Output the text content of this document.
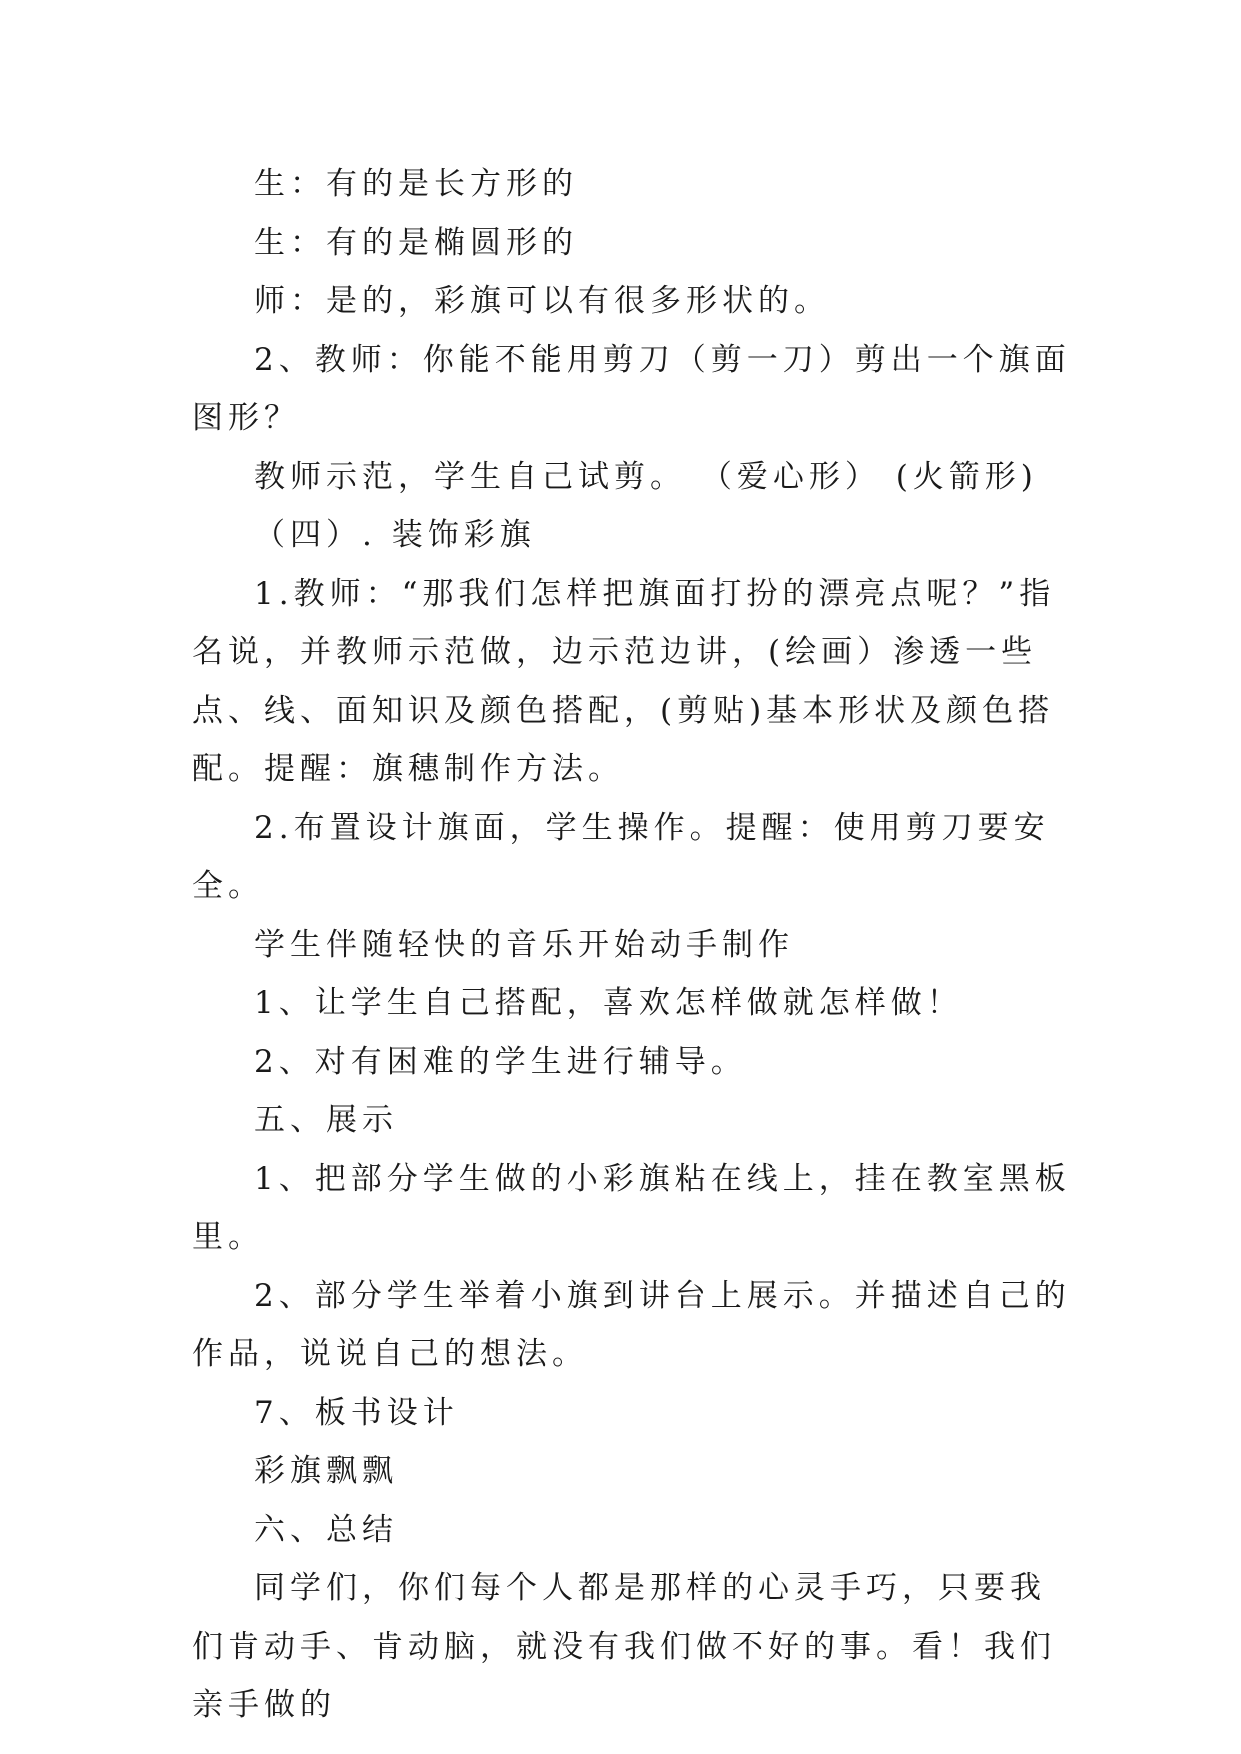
生：有的是长方形的

生：有的是椭圆形的

师：是的，彩旗可以有很多形状的。

2、教师：你能不能用剪刀（剪一刀）剪出一个旗面图形？

教师示范，学生自己试剪。 （爱心形） (火箭形)

（四）. 装饰彩旗

1.教师：“那我们怎样把旗面打扮的漂亮点呢？”指名说，并教师示范做，边示范边讲，(绘画）渗透一些点、线、面知识及颜色搭配，(剪贴)基本形状及颜色搭配。提醒：旗穗制作方法。

2.布置设计旗面，学生操作。提醒：使用剪刀要安全。

学生伴随轻快的音乐开始动手制作

1、让学生自己搭配，喜欢怎样做就怎样做！

2、对有困难的学生进行辅导。

五、展示

1、把部分学生做的小彩旗粘在线上，挂在教室黑板里。

2、部分学生举着小旗到讲台上展示。并描述自己的作品，说说自己的想法。

7、板书设计

彩旗飘飘

六、总结

同学们，你们每个人都是那样的心灵手巧，只要我们肯动手、肯动脑，就没有我们做不好的事。看！我们亲手做的
